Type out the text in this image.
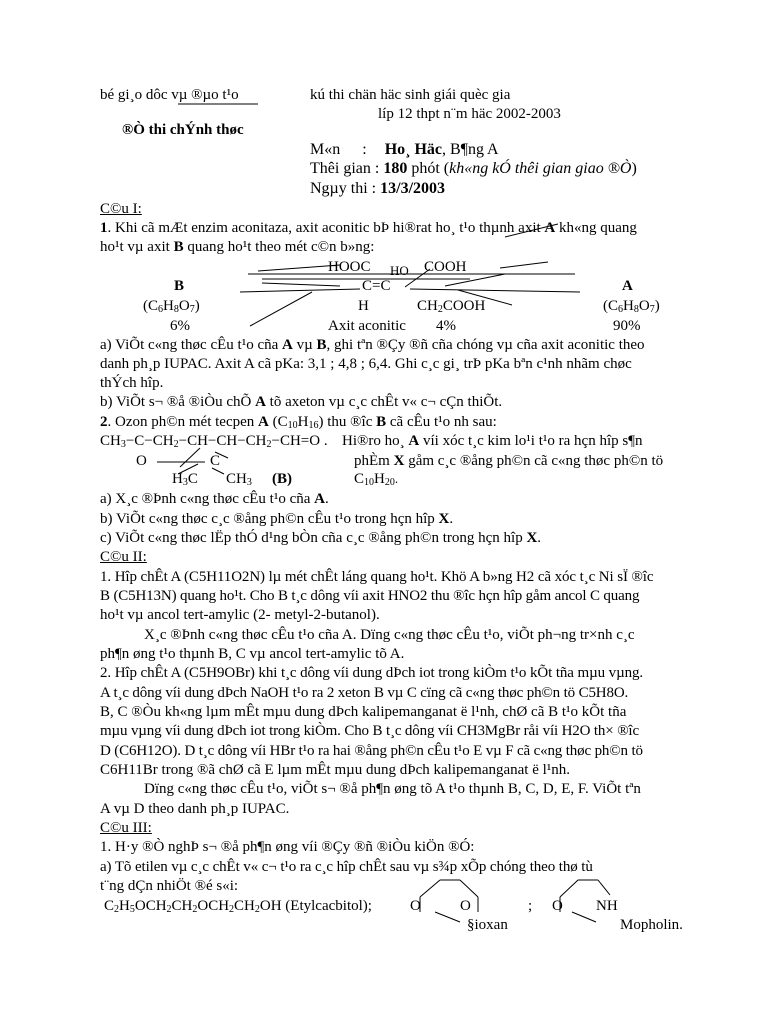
bé gi¸o dôc vµ ®µo t¹o	kú thi chän häc sinh giái quèc gia
líp 12 thpt n¨m häc 2002-2003
®Ò thi chÝnh thøc
M«n : Ho¸ Häc, B¶ng A
Thêi gian : 180 phót (kh«ng kÓ thêi gian giao ®Ò)
Ngµy thi : 13/3/2003
C©u I:
1. Khi cã mÆt enzim aconitaza, axit aconitic bÞ hi®rat ho¸ t¹o thµnh axit A kh«ng quang
ho¹t vµ axit B quang ho¹t theo mét c©n b»ng:
HOOC HO COOH
B	C=C	A
$(C_6H_8O_7)$	H	$CH_2COOH$	$(C_6H_8O_7)$
6%	Axit aconitic 4%	90%
a) ViÕt c«ng thøc cÊu t¹o cña A vµ B, ghi tªn ®Çy ®ñ cña chóng vµ cña axit aconitic theo
danh ph¸p IUPAC. Axit A cã pKa: 3,1 ; 4,8 ; 6,4. Ghi c¸c gi¸ trÞ pKa bªn c¹nh nhãm chøc
thÝch hîp.
b) ViÕt s¬ ®å ®iÒu chÕ A tõ axeton vµ c¸c chÊt v« c¬ cÇn thiÕt.
2. Ozon ph©n mét tecpen A $(C_{10}H_{16})$ thu ®îc B cã cÊu t¹o nh sau:
$CH_3-C-CH_2-CH-CH-CH_2-CH=O$ . Hi®ro ho¸ A víi xóc t¸c kim lo¹i t¹o ra hçn hîp s¶n
O	C	phÈm X gåm c¸c ®ång ph©n cã c«ng thøc ph©n tö
$H_3C$ $CH_3$ (B)	$C_{10}H_{20}$.
a) X¸c ®Þnh c«ng thøc cÊu t¹o cña A.
b) ViÕt c«ng thøc c¸c ®ång ph©n cÊu t¹o trong hçn hîp X.
c) ViÕt c«ng thøc lËp thÓ d¹ng bÒn cña c¸c ®ång ph©n trong hçn hîp X.
C©u II:
1. Hîp chÊt A (C5H11O2N) lµ mét chÊt láng quang ho¹t. Khö A b»ng H2 cã xóc t¸c Ni sÏ ®îc
B (C5H13N) quang ho¹t. Cho B t¸c dông víi axit HNO2 thu ®îc hçn hîp gåm ancol C quang
ho¹t vµ ancol tert-amylic (2- metyl-2-butanol).
X¸c ®Þnh c«ng thøc cÊu t¹o cña A. Dïng c«ng thøc cÊu t¹o, viÕt ph¬ng tr×nh c¸c
ph¶n øng t¹o thµnh B, C vµ ancol tert-amylic tõ A.
2. Hîp chÊt A (C5H9OBr) khi t¸c dông víi dung dÞch iot trong kiÒm t¹o kÕt tña mµu vµng.
A t¸c dông víi dung dÞch NaOH t¹o ra 2 xeton B vµ C cïng cã c«ng thøc ph©n tö C5H8O.
B, C ®Òu kh«ng lµm mÊt mµu dung dÞch kalipemanganat ë l¹nh, chØ cã B t¹o kÕt tña
mµu vµng víi dung dÞch iot trong kiÒm. Cho B t¸c dông víi CH3MgBr råi víi H2O th× ®îc
D (C6H12O). D t¸c dông víi HBr t¹o ra hai ®ång ph©n cÊu t¹o E vµ F cã c«ng thøc ph©n tö
C6H11Br trong ®ã chØ cã E lµm mÊt mµu dung dÞch kalipemanganat ë l¹nh.
Dïng c«ng thøc cÊu t¹o, viÕt s¬ ®å ph¶n øng tõ A t¹o thµnh B, C, D, E, F. ViÕt tªn
A vµ D theo danh ph¸p IUPAC.
C©u III:
1. H·y ®Ò nghÞ s¬ ®å ph¶n øng víi ®Çy ®ñ ®iÒu kiÖn ®Ó:
a) Tõ etilen vµ c¸c chÊt v« c¬ t¹o ra c¸c hîp chÊt sau vµ s¾p xÕp chóng theo thø tù
t¨ng dÇn nhiÖt ®é s«i:
$C_2H_5OCH_2CH_2OCH_2CH_2OH$ (Etylcacbitol);	O	O	; O NH
§ioxan	Mopholin.
